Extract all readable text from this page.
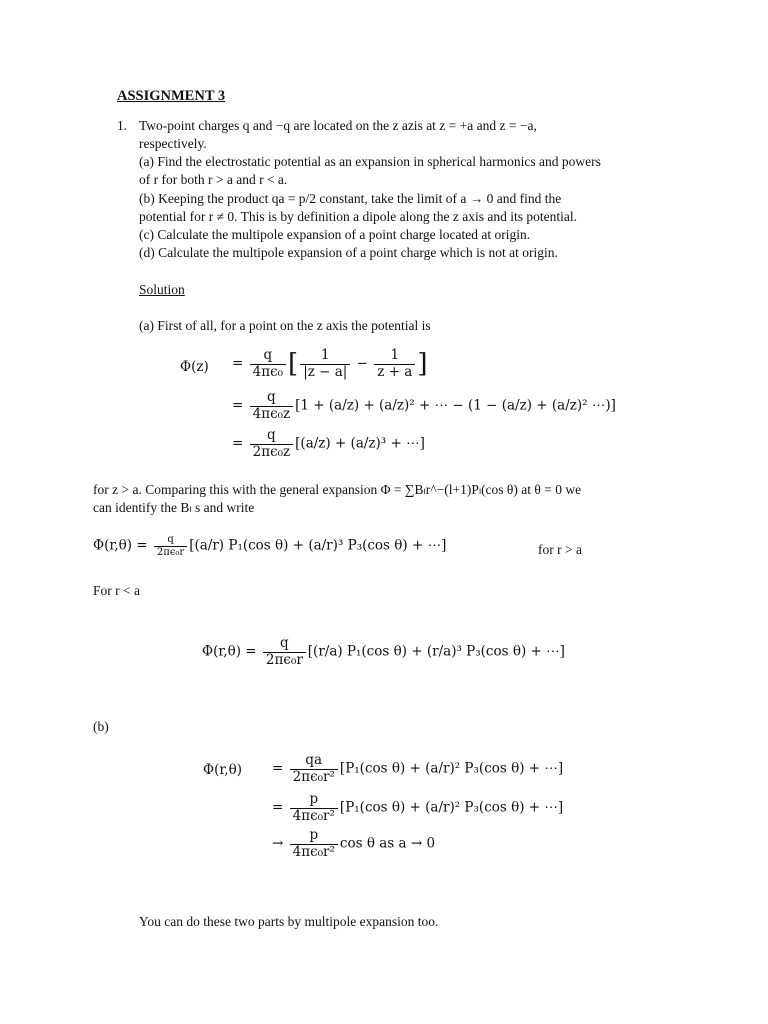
ASSIGNMENT 3
1. Two-point charges q and −q are located on the z azis at z = +a and z = −a,
respectively.
(a) Find the electrostatic potential as an expansion in spherical harmonics and powers
of r for both r > a and r < a.
(b) Keeping the product qa = p/2 constant, take the limit of a → 0 and find the
potential for r ≠ 0. This is by definition a dipole along the z axis and its potential.
(c) Calculate the multipole expansion of a point charge located at origin.
(d) Calculate the multipole expansion of a point charge which is not at origin.
Solution
(a) First of all, for a point on the z axis the potential is
$\Phi(z) = \frac{q}{\text{4πϵ₀}}$ [ $\frac{1}{|z - a|} - \frac{1}{z + a}$ ]
= $\frac{q}{\text{4πϵ₀z}} [1 + (a/z) + (a/z)^2$ + ⋯ − (1 − (a/z) + (a/z)² ⋯)]
= $\frac{q}{\text{2πϵ₀z}} [(a/z) + (a/z)^3$ + ⋯]
for z > a. Comparing this with the general expansion Φ = ∑Bₗr^−(l+1)Pₗ(cos θ) at θ = 0 we
can identify the Bₗ s and write
$\Phi(r,\theta) = \frac{q}{\text{2πϵ₀r}} [(a/r)$ P₁(cos θ) + (a/r)³ P₃(cos θ) + ⋯]	for r > a
For r < a
$\Phi(r,\theta) = \frac{q}{\text{2πϵ₀r}} [(r/a)$ P₁(cos θ) + (r/a)³ P₃(cos θ) + ⋯]
(b)
$\Phi(r,\theta) = \frac{qa}{\text{2πϵ₀r²}} [P_1(\cos$ θ) + (a/r)² P₃(cos θ) + ⋯]
= $\frac{p}{\text{4πϵ₀r²}} [P_1(\cos$ θ) + (a/r)² P₃(cos θ) + ⋯]
→ $\frac{p}{\text{4πϵ₀r²}}$ cos θ as a → 0
You can do these two parts by multipole expansion too.
